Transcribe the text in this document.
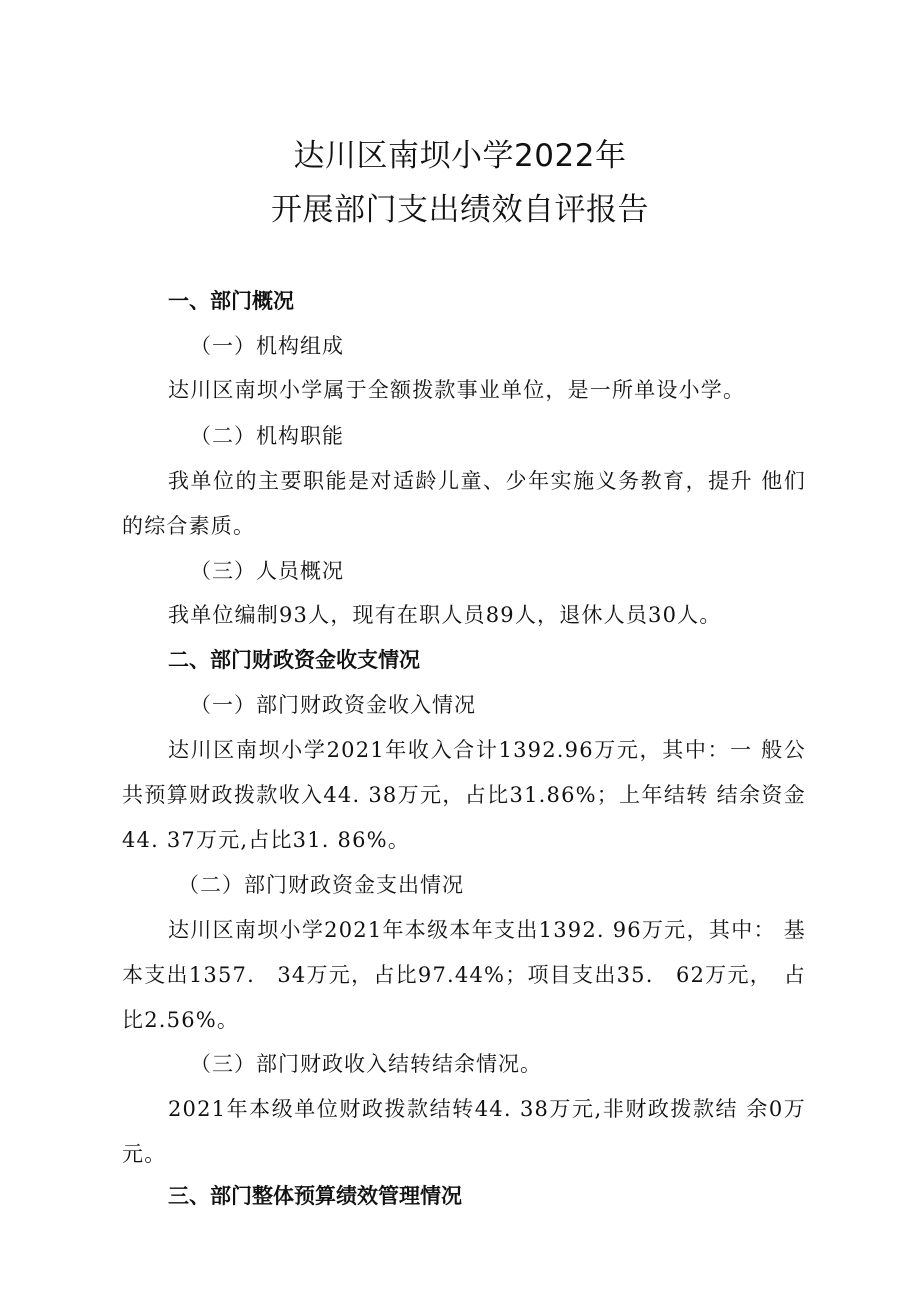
达川区南坝小学2022年
开展部门支出绩效自评报告
一、部门概况
（一）机构组成

达川区南坝小学属于全额拨款事业单位，是一所单设小学。

（二）机构职能

我单位的主要职能是对适龄儿童、少年实施义务教育，提升 他们的综合素质。

（三）人员概况

我单位编制93人，现有在职人员89人，退休人员30人。

二、部门财政资金收支情况
（一）部门财政资金收入情况

达川区南坝小学2021年收入合计1392.96万元，其中：一 般公共预算财政拨款收入44. 38万元，占比31.86%；上年结转 结余资金44. 37万元,占比31. 86%。

（二）部门财政资金支出情况

达川区南坝小学2021年本级本年支出1392. 96万元，其中： 基本支出1357.　34万元，占比97.44%；项目支出35.　62万元，　占比2.56%。

（三）部门财政收入结转结余情况。

2021年本级单位财政拨款结转44. 38万元,非财政拨款结 余0万元。

三、部门整体预算绩效管理情况
